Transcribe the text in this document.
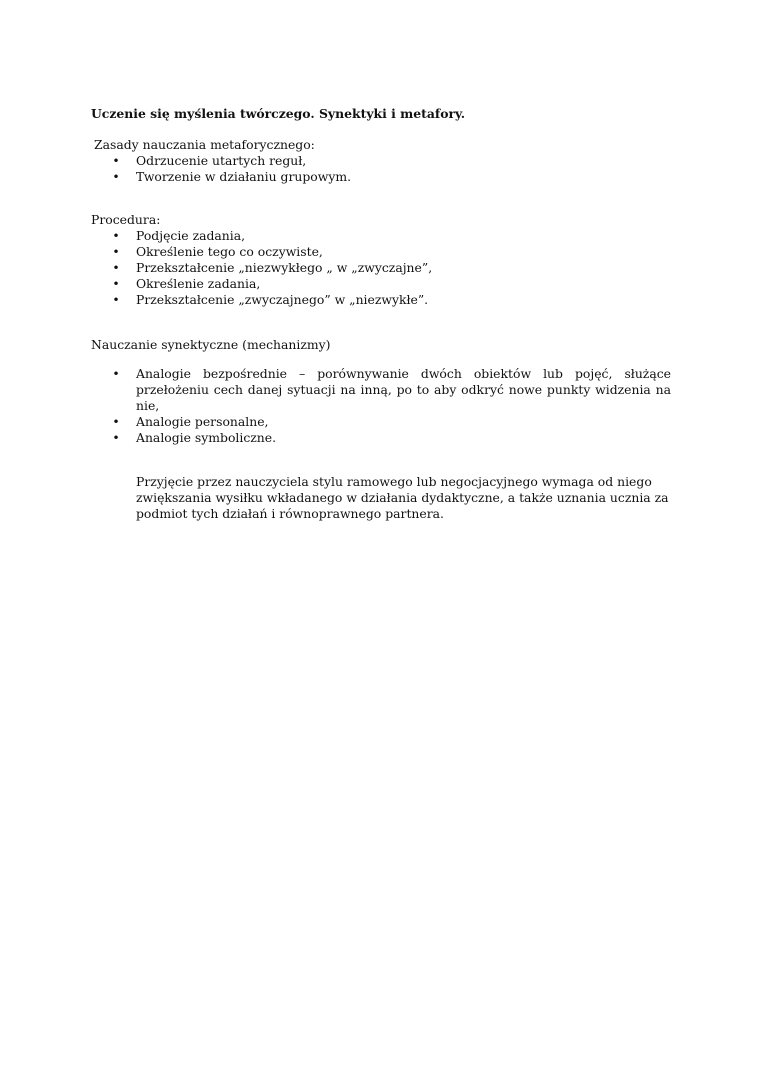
Uczenie się myślenia twórczego. Synektyki i metafory.

Zasady nauczania metaforycznego:

• Odrzucenie utartych reguł,
• Tworzenie w działaniu grupowym.

Procedura:

• Podjęcie zadania,
• Określenie tego co oczywiste,
• Przekształcenie „niezwykłego „ w „zwyczajne”,
• Określenie zadania,
• Przekształcenie „zwyczajnego” w „niezwykłe”.

Nauczanie synektyczne (mechanizmy)

• Analogie bezpośrednie – porównywanie dwóch obiektów lub pojęć, służące przełożeniu cech danej sytuacji na inną, po to aby odkryć nowe punkty widzenia na nie,
• Analogie personalne,
• Analogie symboliczne.

Przyjęcie przez nauczyciela stylu ramowego lub negocjacyjnego wymaga od niego zwiększania wysiłku wkładanego w działania dydaktyczne, a także uznania ucznia za podmiot tych działań i równoprawnego partnera.
